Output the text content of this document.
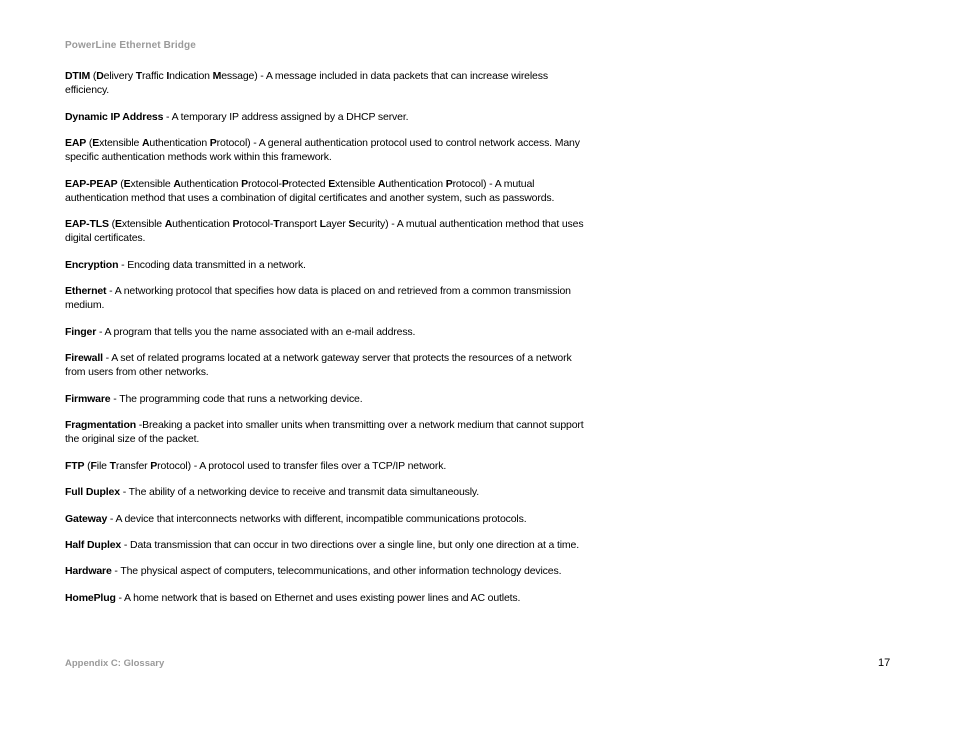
PowerLine Ethernet Bridge

DTIM (Delivery Traffic Indication Message) - A message included in data packets that can increase wireless efficiency.

Dynamic IP Address - A temporary IP address assigned by a DHCP server.

EAP (Extensible Authentication Protocol) - A general authentication protocol used to control network access. Many specific authentication methods work within this framework.

EAP-PEAP (Extensible Authentication Protocol-Protected Extensible Authentication Protocol) - A mutual authentication method that uses a combination of digital certificates and another system, such as passwords.

EAP-TLS (Extensible Authentication Protocol-Transport Layer Security) - A mutual authentication method that uses digital certificates.

Encryption - Encoding data transmitted in a network.

Ethernet - A networking protocol that specifies how data is placed on and retrieved from a common transmission medium.

Finger - A program that tells you the name associated with an e-mail address.

Firewall - A set of related programs located at a network gateway server that protects the resources of a network from users from other networks.

Firmware - The programming code that runs a networking device.

Fragmentation -Breaking a packet into smaller units when transmitting over a network medium that cannot support the original size of the packet.

FTP (File Transfer Protocol) - A protocol used to transfer files over a TCP/IP network.

Full Duplex - The ability of a networking device to receive and transmit data simultaneously.

Gateway - A device that interconnects networks with different, incompatible communications protocols.

Half Duplex - Data transmission that can occur in two directions over a single line, but only one direction at a time.

Hardware - The physical aspect of computers, telecommunications, and other information technology devices.

HomePlug - A home network that is based on Ethernet and uses existing power lines and AC outlets.

Appendix C: Glossary	17
